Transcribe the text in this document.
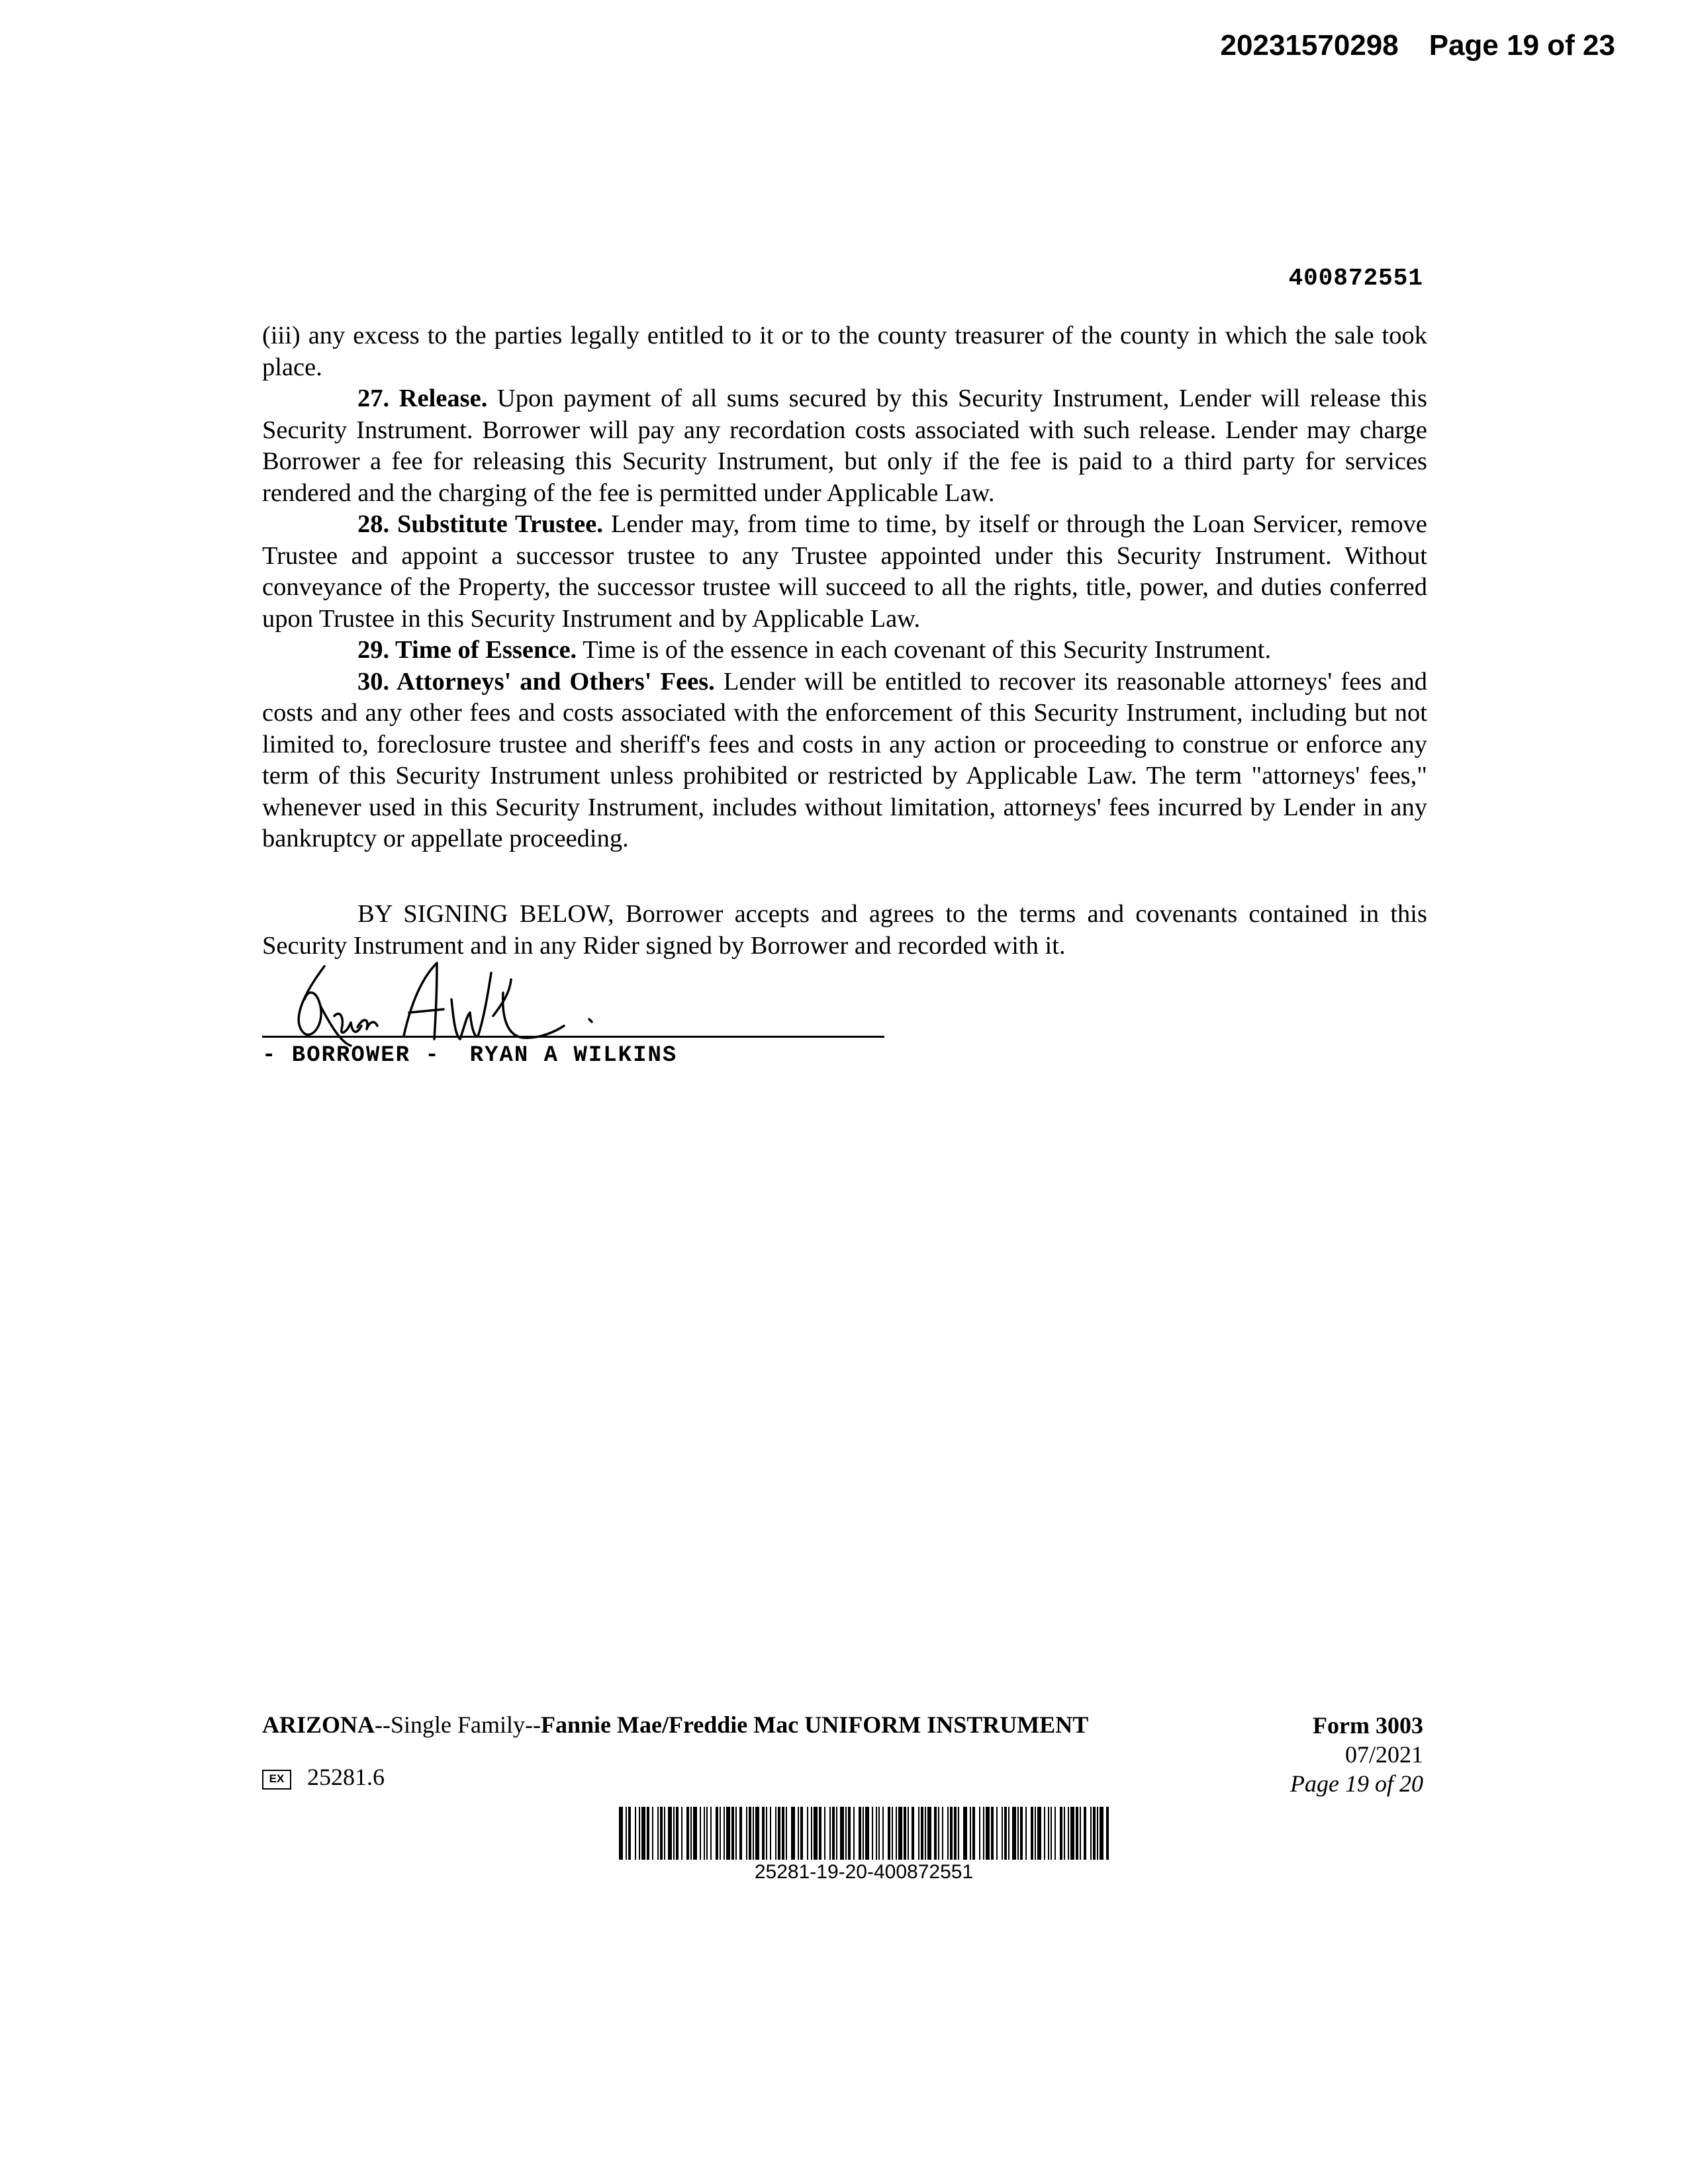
20231570298 Page 19 of 23
400872551

(iii) any excess to the parties legally entitled to it or to the county treasurer of the county in which the sale took place.

27. Release. Upon payment of all sums secured by this Security Instrument, Lender will release this Security Instrument. Borrower will pay any recordation costs associated with such release. Lender may charge Borrower a fee for releasing this Security Instrument, but only if the fee is paid to a third party for services rendered and the charging of the fee is permitted under Applicable Law.

28. Substitute Trustee. Lender may, from time to time, by itself or through the Loan Servicer, remove Trustee and appoint a successor trustee to any Trustee appointed under this Security Instrument. Without conveyance of the Property, the successor trustee will succeed to all the rights, title, power, and duties conferred upon Trustee in this Security Instrument and by Applicable Law.

29. Time of Essence. Time is of the essence in each covenant of this Security Instrument.

30. Attorneys' and Others' Fees. Lender will be entitled to recover its reasonable attorneys' fees and costs and any other fees and costs associated with the enforcement of this Security Instrument, including but not limited to, foreclosure trustee and sheriff's fees and costs in any action or proceeding to construe or enforce any term of this Security Instrument unless prohibited or restricted by Applicable Law. The term "attorneys' fees," whenever used in this Security Instrument, includes without limitation, attorneys' fees incurred by Lender in any bankruptcy or appellate proceeding.

BY SIGNING BELOW, Borrower accepts and agrees to the terms and covenants contained in this Security Instrument and in any Rider signed by Borrower and recorded with it.

- BORROWER -  RYAN A WILKINS
ARIZONA--Single Family--Fannie Mae/Freddie Mac UNIFORM INSTRUMENT
EX 25281.6
Form 3003
07/2021
Page 19 of 20
25281-19-20-400872551
